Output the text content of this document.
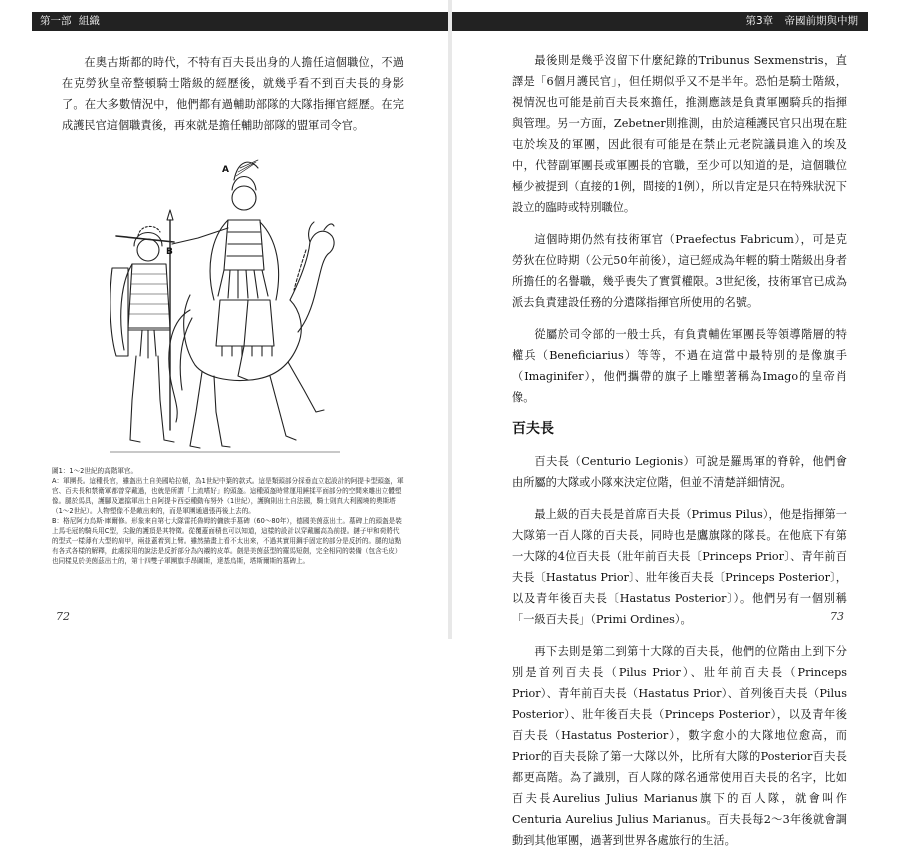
第一部 組織

在奧古斯都的時代，不特有百夫長出身的人擔任這個職位，不過在克勞狄皇帝整頓騎士階級的經歷後，就幾乎看不到百夫長的身影了。在大多數情況中，他們都有過輔助部隊的大隊指揮官經歷。在完成護民官這個職責後，再來就是擔任輔助部隊的盟軍司令官。

A
B
圖1：1～2世紀的高階軍官。
A：軍團長。這種長官，雖盔出土自美國哈拉頓，為1世紀中葉的款式。這是類頭部分採垂直立起設計的阿提卡型頭盔，軍官、百夫長和禁衛軍都曾穿戴過，也就是所謂「上流嗜好」的頭盔。這種頭盔時常運用錘揉平面部分的空間來雕出立體塑像。腿於馬具，護腳及遮擋軍出土自阿提卡西亞種動布努外（1世紀），護胸則出土自法國，騎士則真大利國境的奧斯塔（1～2世紀）。人物塑像不是敵出來的，而是軍團通過張再後上去的。
B：格尼阿力烏斯·庫爾修。形象來自第七大隊雷托魯姆的傭族手墓碑（60～80年），德國美茵茲出土。墓碑上的頭盔是裝上馬毛冠的騎兵用C型，尖銳的護頂是其特徵。從覆蓋面積也可以知道，這樣的設計以穿戴屬高為前提。鏈子甲和荷將代的型式一樣薄有大型的肩甲，兩並蓋着到上臂。雖然描畫上看不太出來，不過其實用鋼手固定的部分是反折的。腿的這點有各式各樣的解釋，此處採用的說法是反折部分為內襯的皮革。劍是美茵茲型的羅馬短劍，完全相同的裝備（包含毛皮）也同樣見於美茵茲出土的，第十四雙子軍團旗手昂圖斯，達基烏斯，塔斯爾斯的墓碑上。
72
第3章 帝國前期與中期

最後則是幾乎沒留下什麼紀錄的Tribunus Sexmenstris，直譯是「6個月護民官」，但任期似乎又不是半年。恐怕是騎士階級，視情況也可能是前百夫長來擔任，推測應該是負責軍團騎兵的指揮與管理。另一方面，Zebetner則推測，由於這種護民官只出現在駐屯於埃及的軍團，因此很有可能是在禁止元老院議員進入的埃及中，代替副軍團長或軍團長的官職，至少可以知道的是，這個職位極少被提到（直接的1例，間接的1例），所以肯定是只在特殊狀況下設立的臨時或特別職位。

這個時期仍然有技術軍官（Praefectus Fabricum），可是克勞狄在位時期（公元50年前後），這已經成為年輕的騎士階級出身者所擔任的名譽職，幾乎喪失了實質權限。3世紀後，技術軍官已成為派去負責建設任務的分遣隊指揮官所使用的名號。

從屬於司令部的一般士兵，有負責輔佐軍團長等領導階層的特權兵（Beneficiarius）等等，不過在這當中最特別的是像旗手（Imaginifer），他們攜帶的旗子上雕塑著稱為Imago的皇帝肖像。

百夫長

百夫長（Centurio Legionis）可說是羅馬軍的脊幹，他們會由所屬的大隊或小隊來決定位階，但並不清楚詳細情況。

最上級的百夫長是首席百夫長（Primus Pilus），他是指揮第一大隊第一百人隊的百夫長，同時也是鷹旗隊的隊長。在他底下有第一大隊的4位百夫長（壯年前百夫長〔Princeps Prior〕、青年前百夫長〔Hastatus Prior〕、壯年後百夫長〔Princeps Posterior〕，以及青年後百夫長〔Hastatus Posterior〕）。他們另有一個別稱「一級百夫長」（Primi Ordines）。

再下去則是第二到第十大隊的百夫長，他們的位階由上到下分別是首列百夫長（Pilus Prior）、壯年前百夫長（Princeps Prior）、青年前百夫長（Hastatus Prior）、首列後百夫長（Pilus Posterior）、壯年後百夫長（Princeps Posterior），以及青年後百夫長（Hastatus Posterior），數字愈小的大隊地位愈高，而Prior的百夫長除了第一大隊以外，比所有大隊的Posterior百夫長都更高階。為了識別，百人隊的隊名通常使用百夫長的名字，比如百夫長Aurelius Julius Marianus旗下的百人隊，就會叫作Centuria Aurelius Julius Marianus。百夫長每2～3年後就會調動到其他軍團，過著到世界各處旅行的生活。

73
